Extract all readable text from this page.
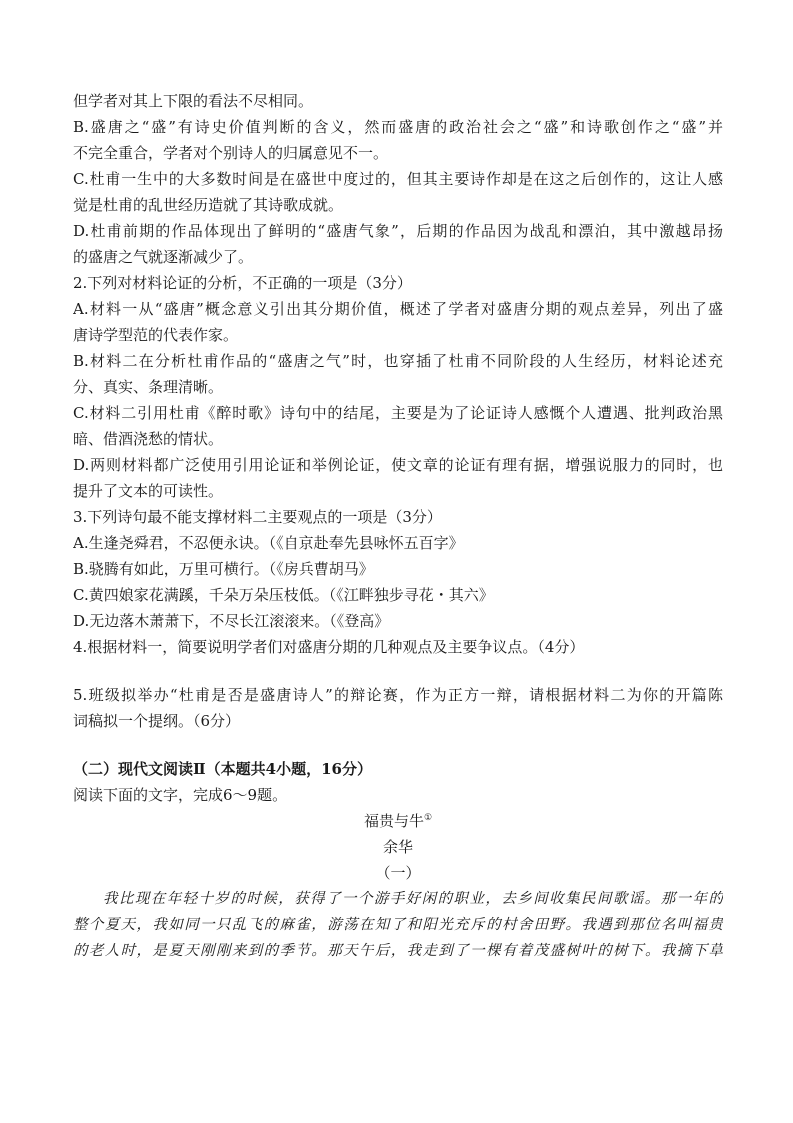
但学者对其上下限的看法不尽相同。
B.盛唐之“盛”有诗史价值判断的含义，然而盛唐的政治社会之“盛”和诗歌创作之“盛”并
不完全重合，学者对个别诗人的归属意见不一。
C.杜甫一生中的大多数时间是在盛世中度过的，但其主要诗作却是在这之后创作的，这让人感
觉是杜甫的乱世经历造就了其诗歌成就。
D.杜甫前期的作品体现出了鲜明的“盛唐气象”，后期的作品因为战乱和漂泊，其中激越昂扬
的盛唐之气就逐渐减少了。
2.下列对材料论证的分析，不正确的一项是（3分）
A.材料一从“盛唐”概念意义引出其分期价值，概述了学者对盛唐分期的观点差异，列出了盛
唐诗学型范的代表作家。
B.材料二在分析杜甫作品的“盛唐之气”时，也穿插了杜甫不同阶段的人生经历，材料论述充
分、真实、条理清晰。
C.材料二引用杜甫《醉时歌》诗句中的结尾，主要是为了论证诗人感慨个人遭遇、批判政治黑
暗、借酒浇愁的情状。
D.两则材料都广泛使用引用论证和举例论证，使文章的论证有理有据，增强说服力的同时，也
提升了文本的可读性。
3.下列诗句最不能支撑材料二主要观点的一项是（3分）
A.生逢尧舜君，不忍便永诀。（《自京赴奉先县咏怀五百字》
B.骁腾有如此，万里可横行。（《房兵曹胡马》
C.黄四娘家花满蹊，千朵万朵压枝低。（《江畔独步寻花・其六》
D.无边落木萧萧下，不尽长江滚滚来。（《登高》
4.根据材料一，简要说明学者们对盛唐分期的几种观点及主要争议点。（4分）
5.班级拟举办“杜甫是否是盛唐诗人”的辩论赛，作为正方一辩，请根据材料二为你的开篇陈
词稿拟一个提纲。（6分）
（二）现代文阅读Ⅱ（本题共4小题，16分）
阅读下面的文字，完成6～9题。
福贵与牛①
余华
（一）
我比现在年轻十岁的时候，获得了一个游手好闲的职业，去乡间收集民间歌谣。那一年的
整个夏天，我如同一只乱飞的麻雀，游荡在知了和阳光充斥的村舍田野。我遇到那位名叫福贵
的老人时，是夏天刚刚来到的季节。那天午后，我走到了一棵有着茂盛树叶的树下。我摘下草
